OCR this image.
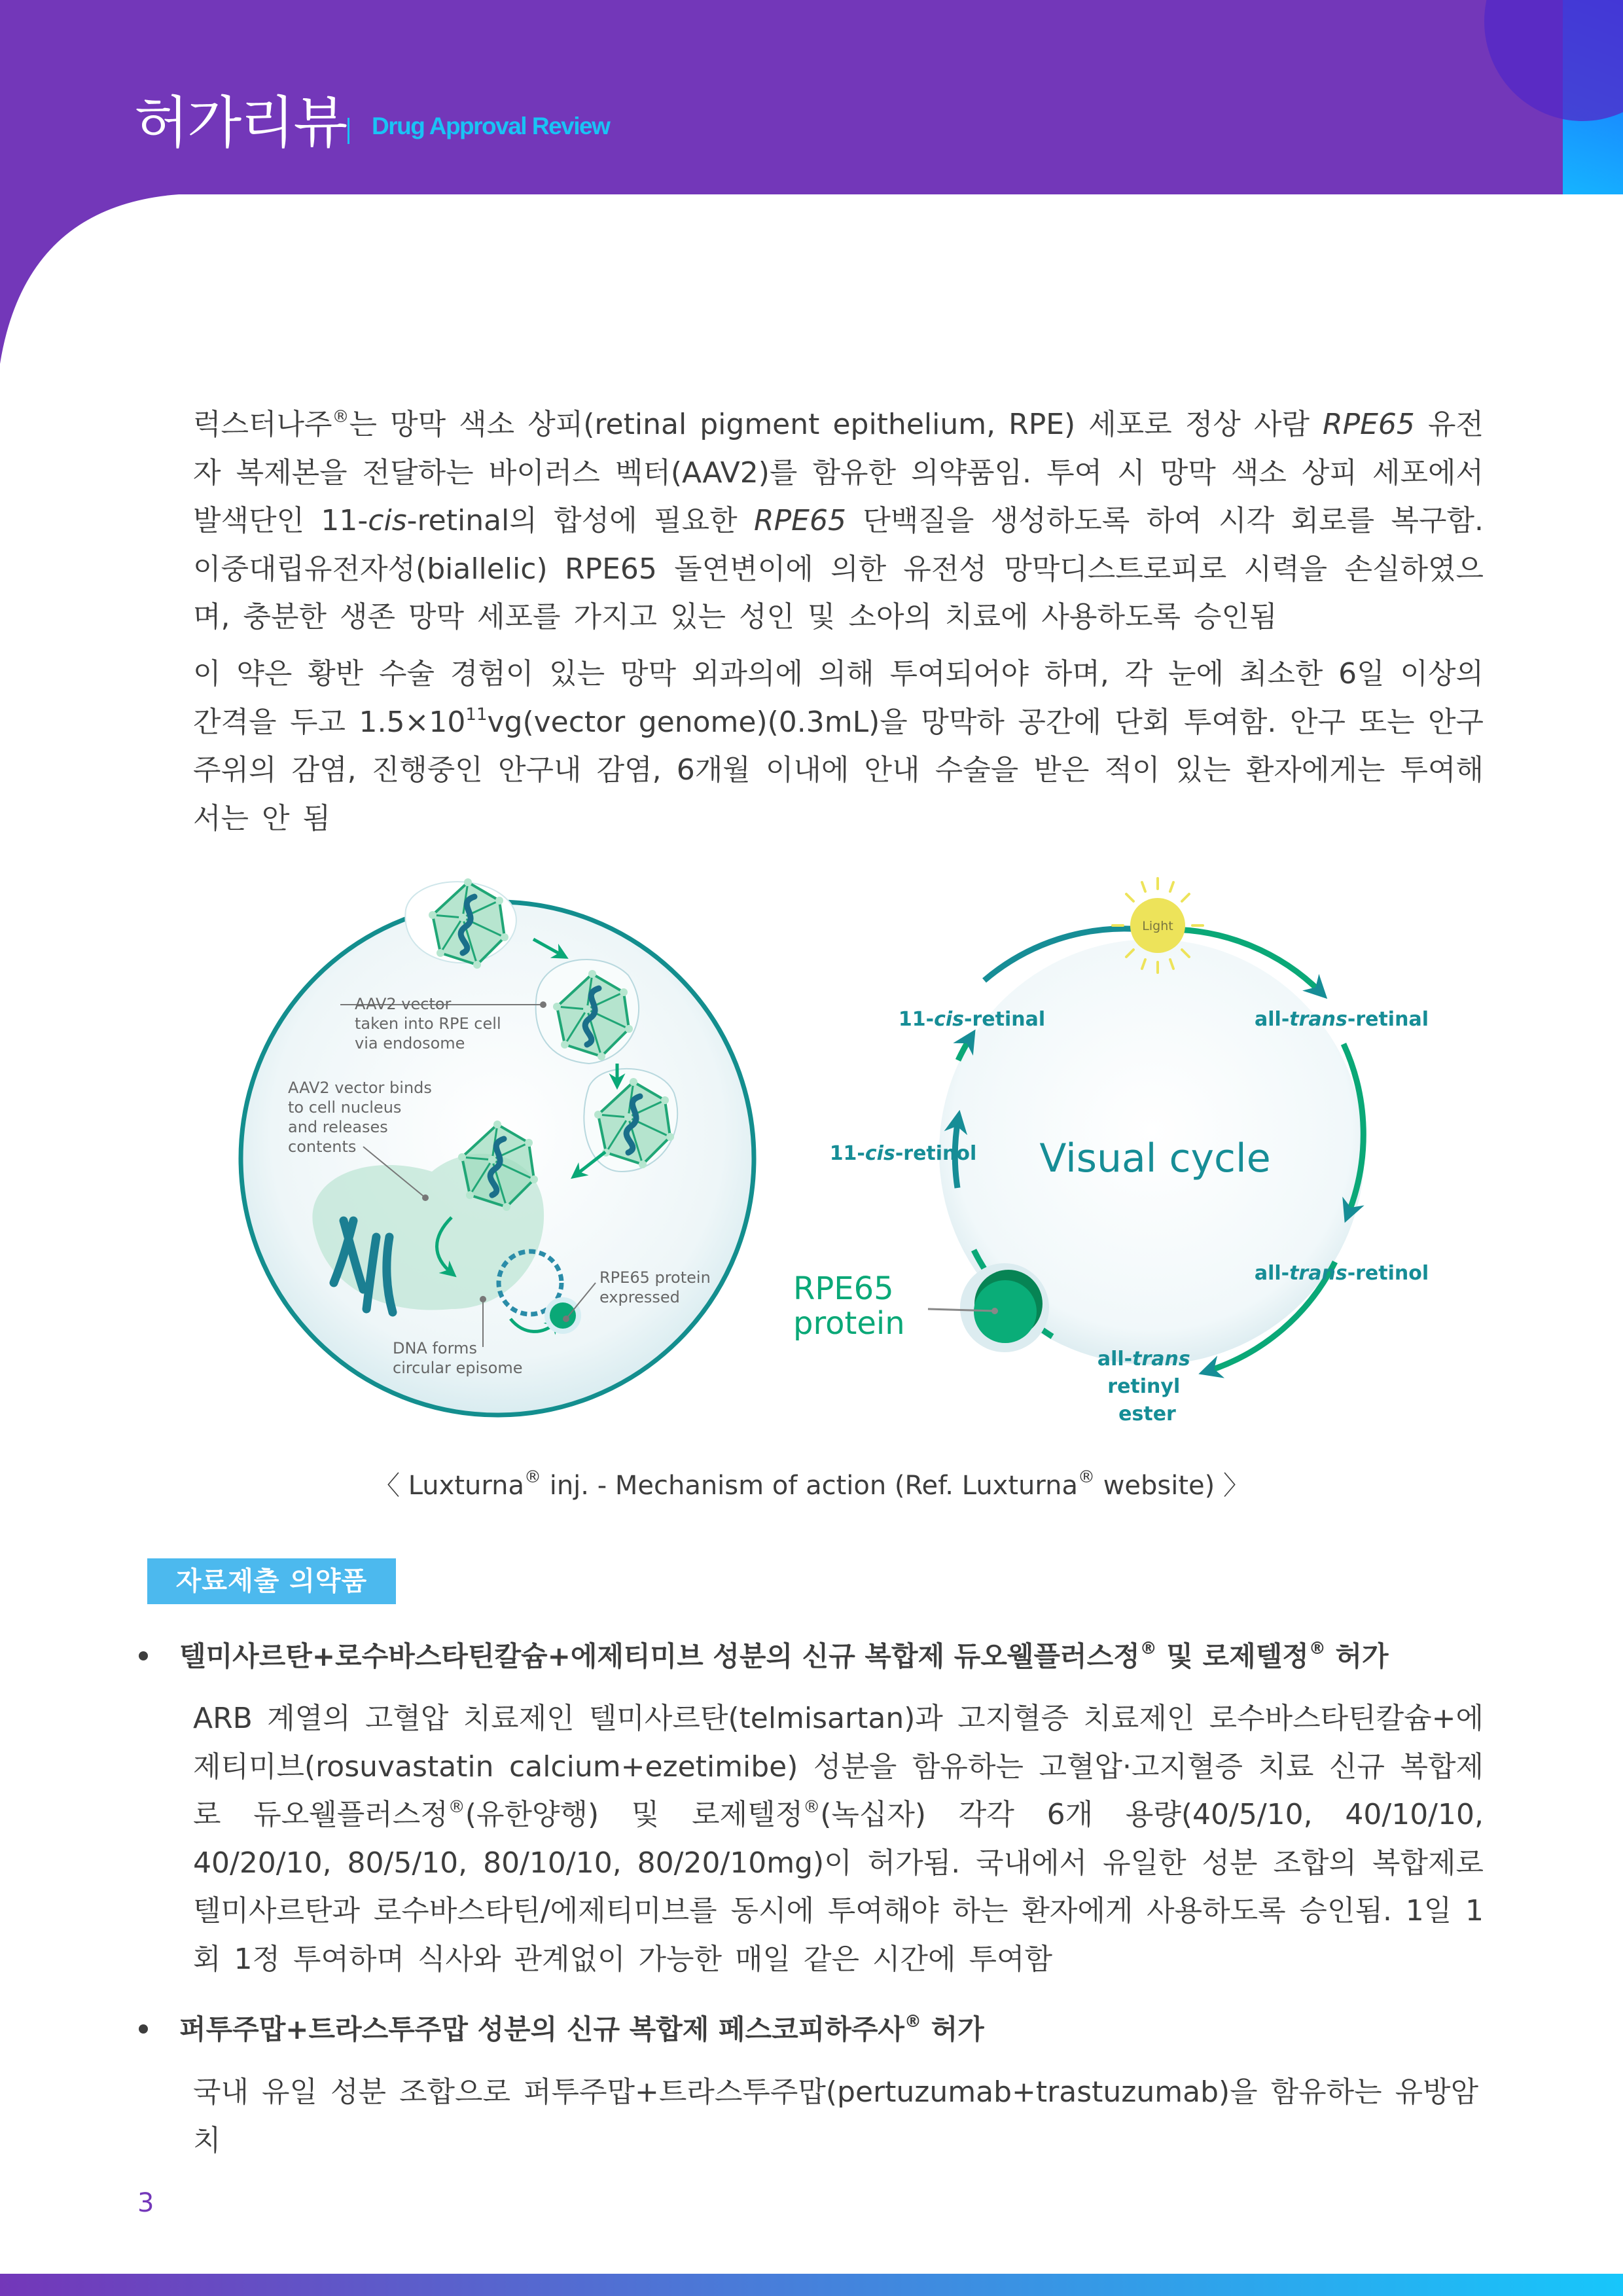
허가리뷰 Drug Approval Review
럭스터나주®는 망막 색소 상피(retinal pigment epithelium, RPE) 세포로 정상 사람 RPE65 유전자 복제본을 전달하는 바이러스 벡터(AAV2)를 함유한 의약품임. 투여 시 망막 색소 상피 세포에서 발색단인 11-cis-retinal의 합성에 필요한 RPE65 단백질을 생성하도록 하여 시각 회로를 복구함. 이중대립유전자성(biallelic) RPE65 돌연변이에 의한 유전성 망막디스트로피로 시력을 손실하였으며, 충분한 생존 망막 세포를 가지고 있는 성인 및 소아의 치료에 사용하도록 승인됨
이 약은 황반 수술 경험이 있는 망막 외과의에 의해 투여되어야 하며, 각 눈에 최소한 6일 이상의 간격을 두고 $1.5\times 10^{11}vg(vector$ genome)(0.3mL)을 망막하 공간에 단회 투여함. 안구 또는 안구 주위의 감염, 진행중인 안구내 감염, 6개월 이내에 안내 수술을 받은 적이 있는 환자에게는 투여해서는 안 됨
AAV2 vector taken into RPE cell via endosome
AAV2 vector binds to cell nucleus and releases contents
RPE65 protein expressed
DNA forms circular episome
Light
RPE65 protein
Visual cycle
11-cis-retinal	all-trans-retinal
all-trans-retinol
11-cis-retinol
all-trans retinyl ester
〈 Luxturna® inj. - Mechanism of action (Ref. Luxturna® website) 〉
자료제출 의약품
텔미사르탄+로수바스타틴칼슘+에제티미브 성분의 신규 복합제 듀오웰플러스정® 및 로제텔정® 허가
ARB 계열의 고혈압 치료제인 텔미사르탄(telmisartan)과 고지혈증 치료제인 로수바스타틴칼슘+에제티미브(rosuvastatin calcium+ezetimibe) 성분을 함유하는 고혈압·고지혈증 치료 신규 복합제로 듀오웰플러스정®(유한양행) 및 로제텔정®(녹십자) 각각 6개 용량(40/5/10, 40/10/10, 40/20/10, 80/5/10, 80/10/10, 80/20/10mg)이 허가됨. 국내에서 유일한 성분 조합의 복합제로 텔미사르탄과 로수바스타틴/에제티미브를 동시에 투여해야 하는 환자에게 사용하도록 승인됨. 1일 1회 1정 투여하며 식사와 관계없이 가능한 매일 같은 시간에 투여함
퍼투주맙+트라스투주맙 성분의 신규 복합제 페스코피하주사® 허가
국내 유일 성분 조합으로 퍼투주맙+트라스투주맙(pertuzumab+trastuzumab)을 함유하는 유방암 치
3
